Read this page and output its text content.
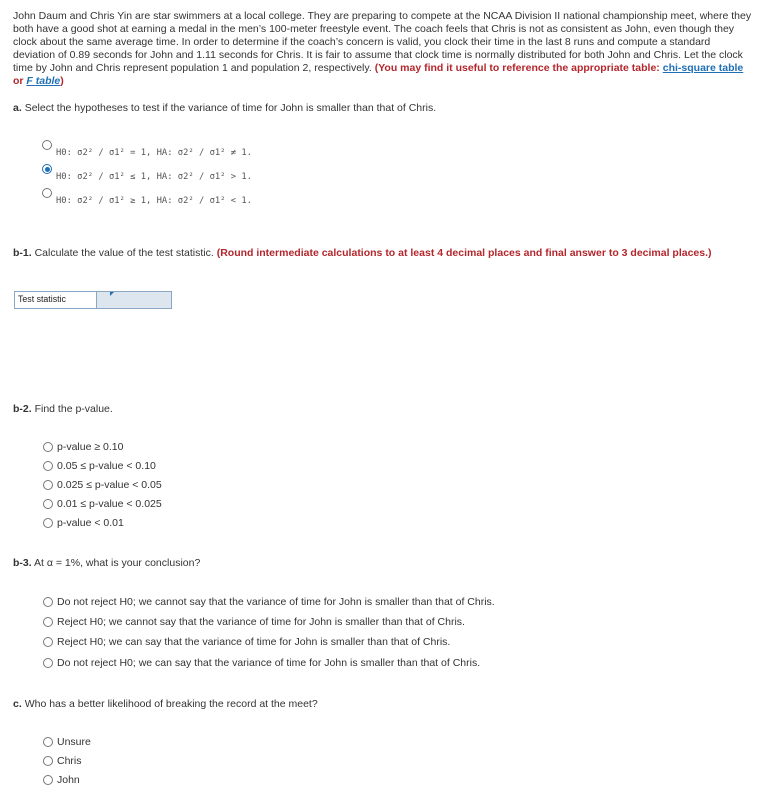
John Daum and Chris Yin are star swimmers at a local college. They are preparing to compete at the NCAA Division II national championship meet, where they both have a good shot at earning a medal in the men’s 100-meter freestyle event. The coach feels that Chris is not as consistent as John, even though they clock about the same average time. In order to determine if the coach’s concern is valid, you clock their time in the last 8 runs and compute a standard deviation of 0.89 seconds for John and 1.11 seconds for Chris. It is fair to assume that clock time is normally distributed for both John and Chris. Let the clock time by John and Chris represent population 1 and population 2, respectively. (You may find it useful to reference the appropriate table: chi-square table or F table)
a. Select the hypotheses to test if the variance of time for John is smaller than that of Chris.
H0: σ2² / σ1² = 1, HA: σ2² / σ1² ≠ 1.
H0: σ2² / σ1² ≤ 1, HA: σ2² / σ1² > 1.
H0: σ2² / σ1² ≥ 1, HA: σ2² / σ1² < 1.
b-1. Calculate the value of the test statistic. (Round intermediate calculations to at least 4 decimal places and final answer to 3 decimal places.)
Test statistic
b-2. Find the p-value.
p-value ≥ 0.10
0.05 ≤ p-value < 0.10
0.025 ≤ p-value < 0.05
0.01 ≤ p-value < 0.025
p-value < 0.01
b-3. At α = 1%, what is your conclusion?
Do not reject H0; we cannot say that the variance of time for John is smaller than that of Chris.
Reject H0; we cannot say that the variance of time for John is smaller than that of Chris.
Reject H0; we can say that the variance of time for John is smaller than that of Chris.
Do not reject H0; we can say that the variance of time for John is smaller than that of Chris.
c. Who has a better likelihood of breaking the record at the meet?
Unsure
Chris
John
